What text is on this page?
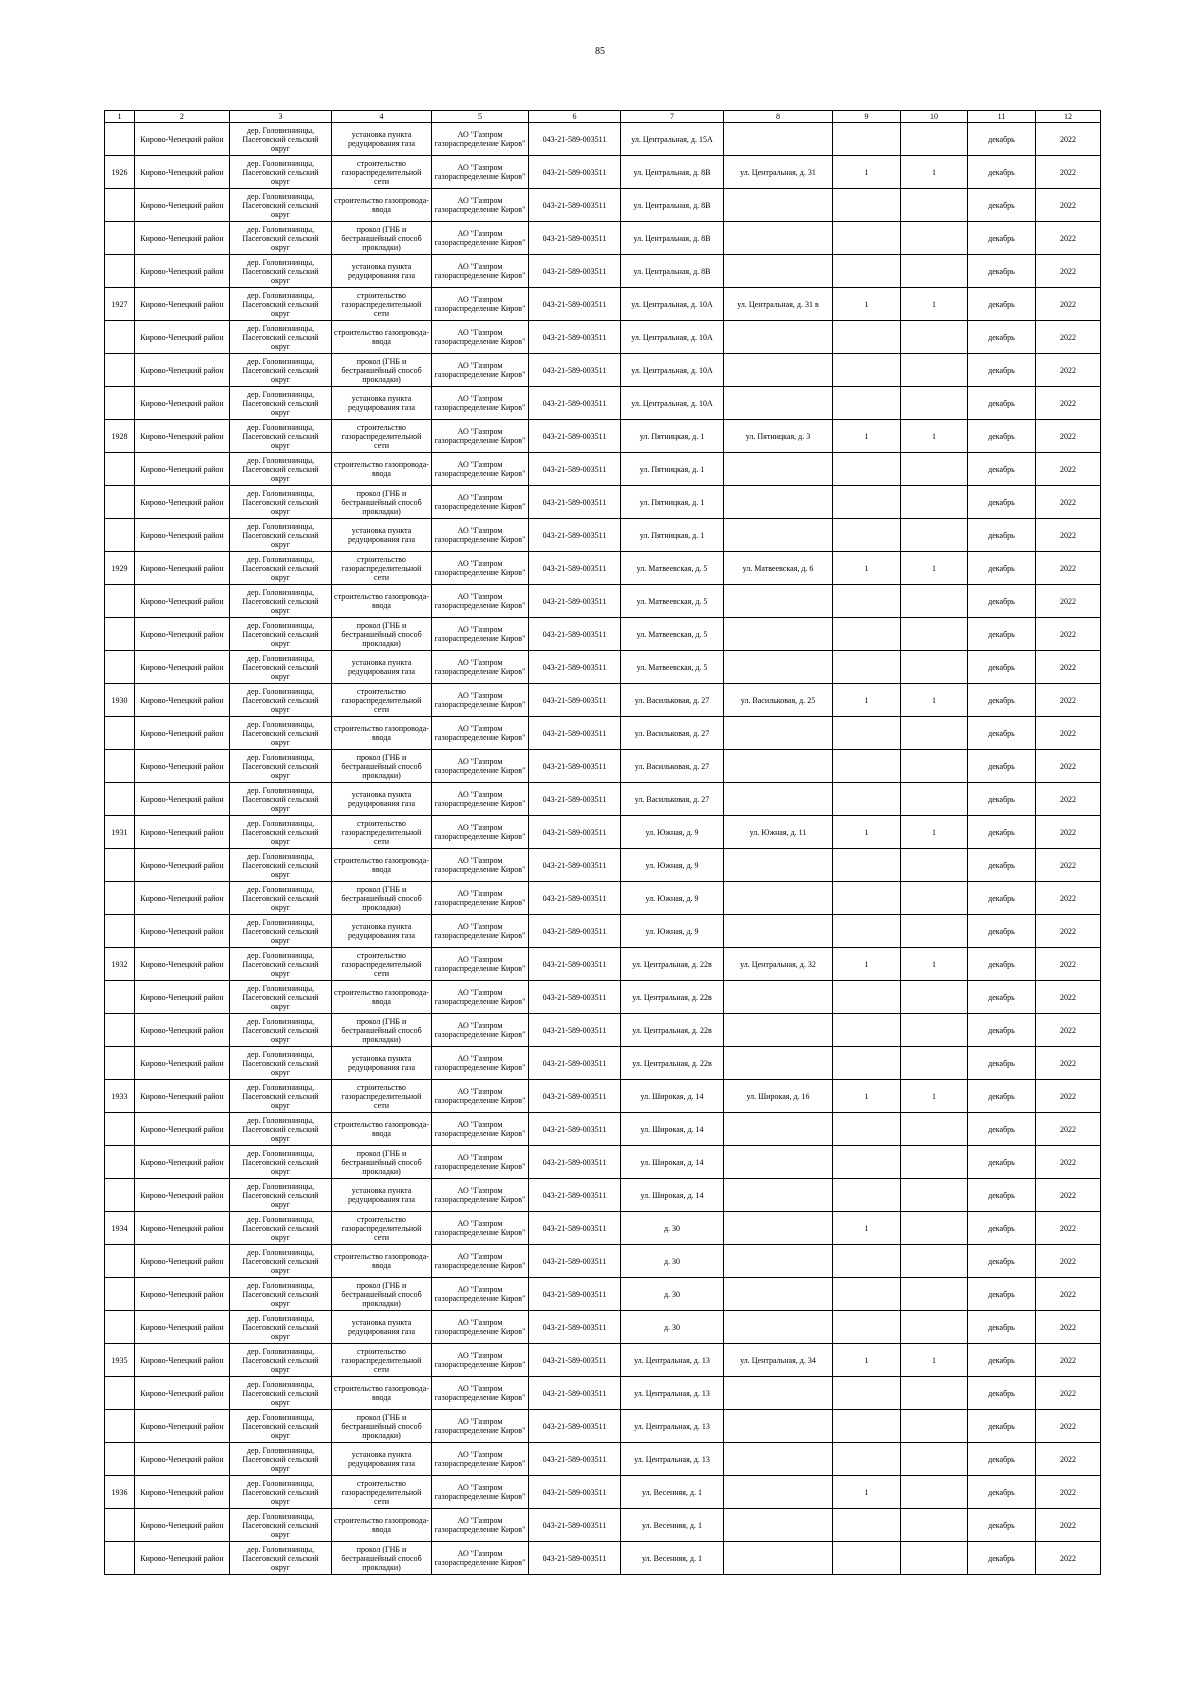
85
1	2	3	4	5	6	7	8	9	10	11	12

	Кирово-Чепецкий район	дер. Головизнинцы, Пасеговский сельский округ	установка пункта редуцирования газа	АО "Газпром газораспределение Киров"	043-21-589-003511	ул. Центральная, д. 15А				декабрь	2022

1926	Кирово-Чепецкий район	дер. Головизнинцы, Пасеговский сельский округ	строительство газораспределительной сети	АО "Газпром газораспределение Киров"	043-21-589-003511	ул. Центральная, д. 8В	ул. Центральная, д. 31	1	1	декабрь	2022

	Кирово-Чепецкий район	дер. Головизнинцы, Пасеговский сельский округ	строительство газопровода-ввода	АО "Газпром газораспределение Киров"	043-21-589-003511	ул. Центральная, д. 8В				декабрь	2022

	Кирово-Чепецкий район	дер. Головизнинцы, Пасеговский сельский округ	прокол (ГНБ и бестраншейный способ прокладки)	АО "Газпром газораспределение Киров"	043-21-589-003511	ул. Центральная, д. 8В				декабрь	2022

	Кирово-Чепецкий район	дер. Головизнинцы, Пасеговский сельский округ	установка пункта редуцирования газа	АО "Газпром газораспределение Киров"	043-21-589-003511	ул. Центральная, д. 8В				декабрь	2022

1927	Кирово-Чепецкий район	дер. Головизнинцы, Пасеговский сельский округ	строительство газораспределительной сети	АО "Газпром газораспределение Киров"	043-21-589-003511	ул. Центральная, д. 10А	ул. Центральная, д. 31 в	1	1	декабрь	2022

	Кирово-Чепецкий район	дер. Головизнинцы, Пасеговский сельский округ	строительство газопровода-ввода	АО "Газпром газораспределение Киров"	043-21-589-003511	ул. Центральная, д. 10А				декабрь	2022

	Кирово-Чепецкий район	дер. Головизнинцы, Пасеговский сельский округ	прокол (ГНБ и бестраншейный способ прокладки)	АО "Газпром газораспределение Киров"	043-21-589-003511	ул. Центральная, д. 10А				декабрь	2022

	Кирово-Чепецкий район	дер. Головизнинцы, Пасеговский сельский округ	установка пункта редуцирования газа	АО "Газпром газораспределение Киров"	043-21-589-003511	ул. Центральная, д. 10А				декабрь	2022

1928	Кирово-Чепецкий район	дер. Головизнинцы, Пасеговский сельский округ	строительство газораспределительной сети	АО "Газпром газораспределение Киров"	043-21-589-003511	ул. Пятницкая, д. 1	ул. Пятницкая, д. 3	1	1	декабрь	2022

	Кирово-Чепецкий район	дер. Головизнинцы, Пасеговский сельский округ	строительство газопровода-ввода	АО "Газпром газораспределение Киров"	043-21-589-003511	ул. Пятницкая, д. 1				декабрь	2022

	Кирово-Чепецкий район	дер. Головизнинцы, Пасеговский сельский округ	прокол (ГНБ и бестраншейный способ прокладки)	АО "Газпром газораспределение Киров"	043-21-589-003511	ул. Пятницкая, д. 1				декабрь	2022

	Кирово-Чепецкий район	дер. Головизнинцы, Пасеговский сельский округ	установка пункта редуцирования газа	АО "Газпром газораспределение Киров"	043-21-589-003511	ул. Пятницкая, д. 1				декабрь	2022

1929	Кирово-Чепецкий район	дер. Головизнинцы, Пасеговский сельский округ	строительство газораспределительной сети	АО "Газпром газораспределение Киров"	043-21-589-003511	ул. Матвеевская, д. 5	ул. Матвеевская, д. 6	1	1	декабрь	2022

	Кирово-Чепецкий район	дер. Головизнинцы, Пасеговский сельский округ	строительство газопровода-ввода	АО "Газпром газораспределение Киров"	043-21-589-003511	ул. Матвеевская, д. 5				декабрь	2022

	Кирово-Чепецкий район	дер. Головизнинцы, Пасеговский сельский округ	прокол (ГНБ и бестраншейный способ прокладки)	АО "Газпром газораспределение Киров"	043-21-589-003511	ул. Матвеевская, д. 5				декабрь	2022

	Кирово-Чепецкий район	дер. Головизнинцы, Пасеговский сельский округ	установка пункта редуцирования газа	АО "Газпром газораспределение Киров"	043-21-589-003511	ул. Матвеевская, д. 5				декабрь	2022

1930	Кирово-Чепецкий район	дер. Головизнинцы, Пасеговский сельский округ	строительство газораспределительной сети	АО "Газпром газораспределение Киров"	043-21-589-003511	ул. Васильковая, д. 27	ул. Васильковая, д. 25	1	1	декабрь	2022

	Кирово-Чепецкий район	дер. Головизнинцы, Пасеговский сельский округ	строительство газопровода-ввода	АО "Газпром газораспределение Киров"	043-21-589-003511	ул. Васильковая, д. 27				декабрь	2022

	Кирово-Чепецкий район	дер. Головизнинцы, Пасеговский сельский округ	прокол (ГНБ и бестраншейный способ прокладки)	АО "Газпром газораспределение Киров"	043-21-589-003511	ул. Васильковая, д. 27				декабрь	2022

	Кирово-Чепецкий район	дер. Головизнинцы, Пасеговский сельский округ	установка пункта редуцирования газа	АО "Газпром газораспределение Киров"	043-21-589-003511	ул. Васильковая, д. 27				декабрь	2022

1931	Кирово-Чепецкий район	дер. Головизнинцы, Пасеговский сельский округ	строительство газораспределительной сети	АО "Газпром газораспределение Киров"	043-21-589-003511	ул. Южная, д. 9	ул. Южная, д. 11	1	1	декабрь	2022

	Кирово-Чепецкий район	дер. Головизнинцы, Пасеговский сельский округ	строительство газопровода-ввода	АО "Газпром газораспределение Киров"	043-21-589-003511	ул. Южная, д. 9				декабрь	2022

	Кирово-Чепецкий район	дер. Головизнинцы, Пасеговский сельский округ	прокол (ГНБ и бестраншейный способ прокладки)	АО "Газпром газораспределение Киров"	043-21-589-003511	ул. Южная, д. 9				декабрь	2022

	Кирово-Чепецкий район	дер. Головизнинцы, Пасеговский сельский округ	установка пункта редуцирования газа	АО "Газпром газораспределение Киров"	043-21-589-003511	ул. Южная, д. 9				декабрь	2022

1932	Кирово-Чепецкий район	дер. Головизнинцы, Пасеговский сельский округ	строительство газораспределительной сети	АО "Газпром газораспределение Киров"	043-21-589-003511	ул. Центральная, д. 22в	ул. Центральная, д. 32	1	1	декабрь	2022

	Кирово-Чепецкий район	дер. Головизнинцы, Пасеговский сельский округ	строительство газопровода-ввода	АО "Газпром газораспределение Киров"	043-21-589-003511	ул. Центральная, д. 22в				декабрь	2022

	Кирово-Чепецкий район	дер. Головизнинцы, Пасеговский сельский округ	прокол (ГНБ и бестраншейный способ прокладки)	АО "Газпром газораспределение Киров"	043-21-589-003511	ул. Центральная, д. 22в				декабрь	2022

	Кирово-Чепецкий район	дер. Головизнинцы, Пасеговский сельский округ	установка пункта редуцирования газа	АО "Газпром газораспределение Киров"	043-21-589-003511	ул. Центральная, д. 22в				декабрь	2022

1933	Кирово-Чепецкий район	дер. Головизнинцы, Пасеговский сельский округ	строительство газораспределительной сети	АО "Газпром газораспределение Киров"	043-21-589-003511	ул. Широкая, д. 14	ул. Широкая, д. 16	1	1	декабрь	2022

	Кирово-Чепецкий район	дер. Головизнинцы, Пасеговский сельский округ	строительство газопровода-ввода	АО "Газпром газораспределение Киров"	043-21-589-003511	ул. Широкая, д. 14				декабрь	2022

	Кирово-Чепецкий район	дер. Головизнинцы, Пасеговский сельский округ	прокол (ГНБ и бестраншейный способ прокладки)	АО "Газпром газораспределение Киров"	043-21-589-003511	ул. Широкая, д. 14				декабрь	2022

	Кирово-Чепецкий район	дер. Головизнинцы, Пасеговский сельский округ	установка пункта редуцирования газа	АО "Газпром газораспределение Киров"	043-21-589-003511	ул. Широкая, д. 14				декабрь	2022

1934	Кирово-Чепецкий район	дер. Головизнинцы, Пасеговский сельский округ	строительство газораспределительной сети	АО "Газпром газораспределение Киров"	043-21-589-003511	д. 30		1		декабрь	2022

	Кирово-Чепецкий район	дер. Головизнинцы, Пасеговский сельский округ	строительство газопровода-ввода	АО "Газпром газораспределение Киров"	043-21-589-003511	д. 30				декабрь	2022

	Кирово-Чепецкий район	дер. Головизнинцы, Пасеговский сельский округ	прокол (ГНБ и бестраншейный способ прокладки)	АО "Газпром газораспределение Киров"	043-21-589-003511	д. 30				декабрь	2022

	Кирово-Чепецкий район	дер. Головизнинцы, Пасеговский сельский округ	установка пункта редуцирования газа	АО "Газпром газораспределение Киров"	043-21-589-003511	д. 30				декабрь	2022

1935	Кирово-Чепецкий район	дер. Головизнинцы, Пасеговский сельский округ	строительство газораспределительной сети	АО "Газпром газораспределение Киров"	043-21-589-003511	ул. Центральная, д. 13	ул. Центральная, д. 34	1	1	декабрь	2022

	Кирово-Чепецкий район	дер. Головизнинцы, Пасеговский сельский округ	строительство газопровода-ввода	АО "Газпром газораспределение Киров"	043-21-589-003511	ул. Центральная, д. 13				декабрь	2022

	Кирово-Чепецкий район	дер. Головизнинцы, Пасеговский сельский округ	прокол (ГНБ и бестраншейный способ прокладки)	АО "Газпром газораспределение Киров"	043-21-589-003511	ул. Центральная, д. 13				декабрь	2022

	Кирово-Чепецкий район	дер. Головизнинцы, Пасеговский сельский округ	установка пункта редуцирования газа	АО "Газпром газораспределение Киров"	043-21-589-003511	ул. Центральная, д. 13				декабрь	2022

1936	Кирово-Чепецкий район	дер. Головизнинцы, Пасеговский сельский округ	строительство газораспределительной сети	АО "Газпром газораспределение Киров"	043-21-589-003511	ул. Весенняя, д. 1		1		декабрь	2022

	Кирово-Чепецкий район	дер. Головизнинцы, Пасеговский сельский округ	строительство газопровода-ввода	АО "Газпром газораспределение Киров"	043-21-589-003511	ул. Весенняя, д. 1				декабрь	2022

	Кирово-Чепецкий район	дер. Головизнинцы, Пасеговский сельский округ	прокол (ГНБ и бестраншейный способ прокладки)	АО "Газпром газораспределение Киров"	043-21-589-003511	ул. Весенняя, д. 1				декабрь	2022
